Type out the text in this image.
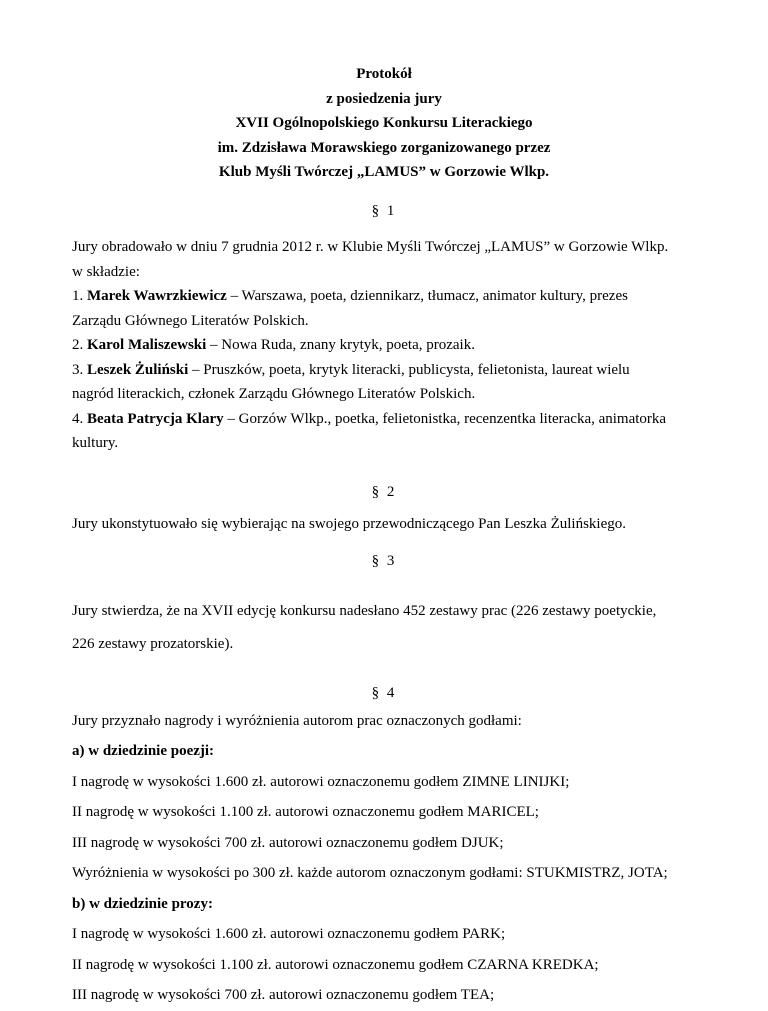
Protokół
z posiedzenia jury
XVII Ogólnopolskiego Konkursu Literackiego
im. Zdzisława Morawskiego zorganizowanego przez
Klub Myśli Twórczej „LAMUS” w Gorzowie Wlkp.
§ 1

Jury obradowało w dniu 7 grudnia 2012 r. w Klubie Myśli Twórczej „LAMUS” w Gorzowie Wlkp.

w składzie:

1. Marek Wawrzkiewicz – Warszawa, poeta, dziennikarz, tłumacz, animator kultury, prezes

Zarządu Głównego Literatów Polskich.

2. Karol Maliszewski – Nowa Ruda, znany krytyk, poeta, prozaik.

3. Leszek Żuliński – Pruszków, poeta, krytyk literacki, publicysta, felietonista, laureat wielu

nagród literackich, członek Zarządu Głównego Literatów Polskich.

4. Beata Patrycja Klary – Gorzów Wlkp., poetka, felietonistka, recenzentka literacka, animatorka

kultury.

§ 2

Jury ukonstytuowało się wybierając na swojego przewodniczącego Pan Leszka Żulińskiego.

§ 3

Jury stwierdza, że na XVII edycję konkursu nadesłano 452 zestawy prac (226 zestawy poetyckie,

226 zestawy prozatorskie).

§ 4

Jury przyznało nagrody i wyróżnienia autorom prac oznaczonych godłami:

a) w dziedzinie poezji:

I nagrodę w wysokości 1.600 zł. autorowi oznaczonemu godłem ZIMNE LINIJKI;

II nagrodę w wysokości 1.100 zł. autorowi oznaczonemu godłem MARICEL;

III nagrodę w wysokości 700 zł. autorowi oznaczonemu godłem DJUK;

Wyróżnienia w wysokości po 300 zł. każde autorom oznaczonym godłami: STUKMISTRZ, JOTA;

b) w dziedzinie prozy:

I nagrodę w wysokości 1.600 zł. autorowi oznaczonemu godłem PARK;

II nagrodę w wysokości 1.100 zł. autorowi oznaczonemu godłem CZARNA KREDKA;

III nagrodę w wysokości 700 zł. autorowi oznaczonemu godłem TEA;
